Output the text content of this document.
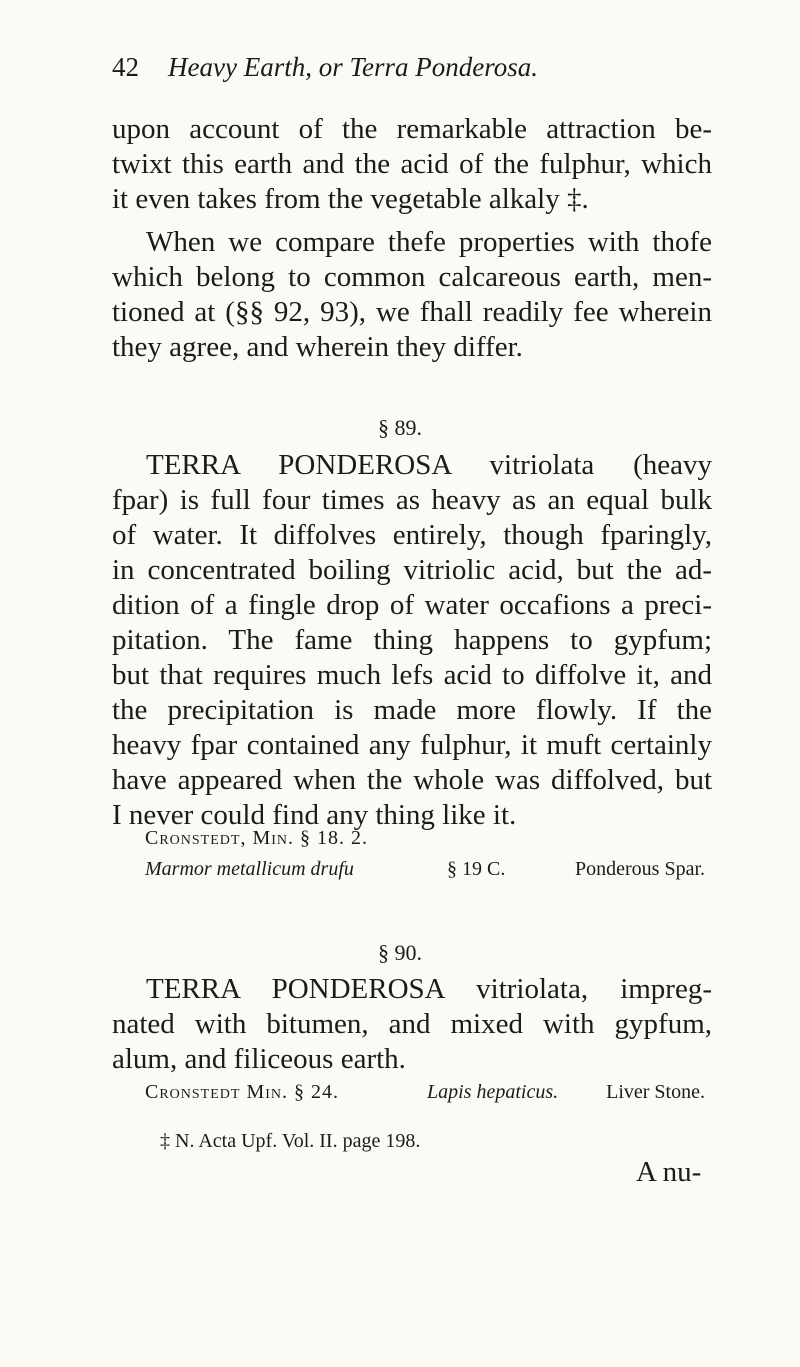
42 Heavy Earth, or Terra Ponderosa.
upon account of the remarkable attraction be-
twixt this earth and the acid of the fulphur, which
it even takes from the vegetable alkaly ‡.
When we compare thefe properties with thofe
which belong to common calcareous earth, men-
tioned at (§§ 92, 93), we fhall readily fee wherein
they agree, and wherein they differ.
§ 89.
TERRA PONDEROSA vitriolata (heavy
fpar) is full four times as heavy as an equal bulk
of water. It diffolves entirely, though fparingly,
in concentrated boiling vitriolic acid, but the ad-
dition of a fingle drop of water occafions a preci-
pitation. The fame thing happens to gypfum;
but that requires much lefs acid to diffolve it, and
the precipitation is made more flowly. If the
heavy fpar contained any fulphur, it muft certainly
have appeared when the whole was diffolved, but
I never could find any thing like it.
Cronstedt, Min. § 18. 2.
Marmor metallicum drufu	§ 19 C.	Ponderous Spar.
§ 90.
TERRA PONDEROSA vitriolata, impreg-
nated with bitumen, and mixed with gypfum,
alum, and filiceous earth.
Cronstedt Min. § 24.	Lapis hepaticus. Liver Stone.
‡ N. Acta Upf. Vol. II. page 198.
A nu-
